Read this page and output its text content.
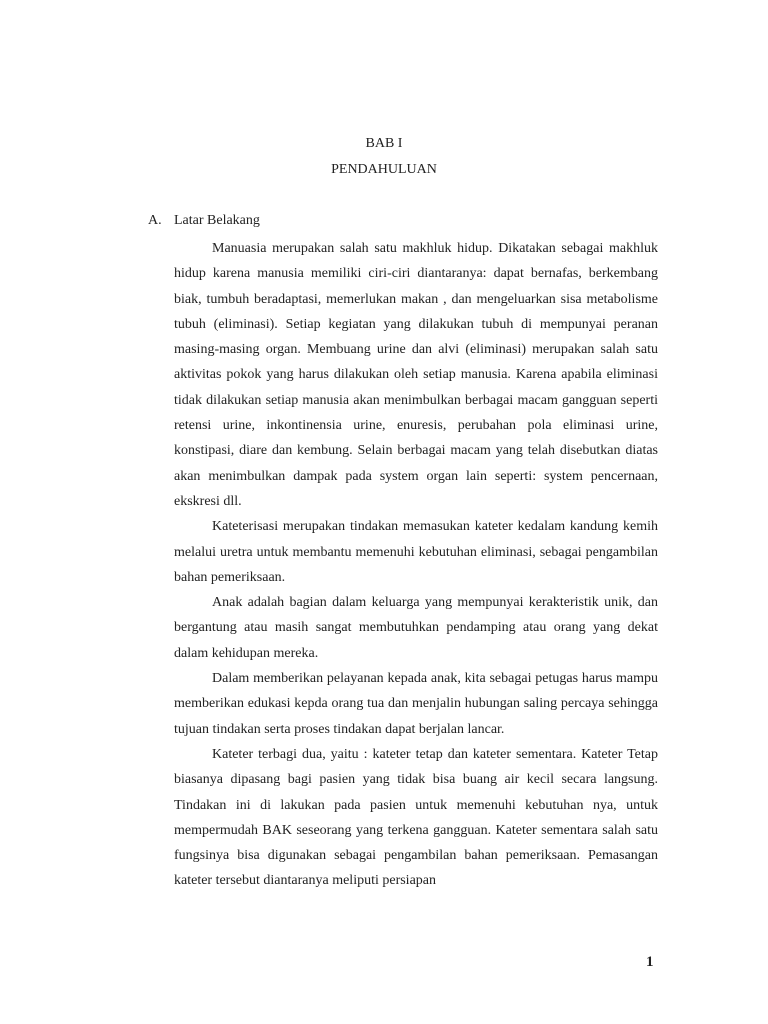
BAB I
PENDAHULUAN
A. Latar Belakang

Manuasia merupakan salah satu makhluk hidup. Dikatakan sebagai makhluk hidup karena manusia memiliki ciri-ciri diantaranya: dapat bernafas, berkembang biak, tumbuh beradaptasi, memerlukan makan , dan mengeluarkan sisa metabolisme tubuh (eliminasi). Setiap kegiatan yang dilakukan tubuh di mempunyai peranan masing-masing organ. Membuang urine dan alvi (eliminasi) merupakan salah satu aktivitas pokok yang harus dilakukan oleh setiap manusia. Karena apabila eliminasi tidak dilakukan setiap manusia akan menimbulkan berbagai macam gangguan seperti retensi urine, inkontinensia urine, enuresis, perubahan pola eliminasi urine, konstipasi, diare dan kembung. Selain berbagai macam yang telah disebutkan diatas akan menimbulkan dampak pada system organ lain seperti: system pencernaan, ekskresi dll.

Kateterisasi merupakan tindakan memasukan kateter kedalam kandung kemih melalui uretra untuk membantu memenuhi kebutuhan eliminasi, sebagai pengambilan bahan pemeriksaan.

Anak adalah bagian dalam keluarga yang mempunyai kerakteristik unik, dan bergantung atau masih sangat membutuhkan pendamping atau orang yang dekat dalam kehidupan mereka.

Dalam memberikan pelayanan kepada anak, kita sebagai petugas harus mampu memberikan edukasi kepda orang tua dan menjalin hubungan saling percaya sehingga tujuan tindakan serta proses tindakan dapat berjalan lancar.

Kateter terbagi dua, yaitu : kateter tetap dan kateter sementara. Kateter Tetap biasanya dipasang bagi pasien yang tidak bisa buang air kecil secara langsung. Tindakan ini di lakukan pada pasien untuk memenuhi kebutuhan nya, untuk mempermudah BAK seseorang yang terkena gangguan. Kateter sementara salah satu fungsinya bisa digunakan sebagai pengambilan bahan pemeriksaan. Pemasangan kateter tersebut diantaranya meliputi persiapan

1
